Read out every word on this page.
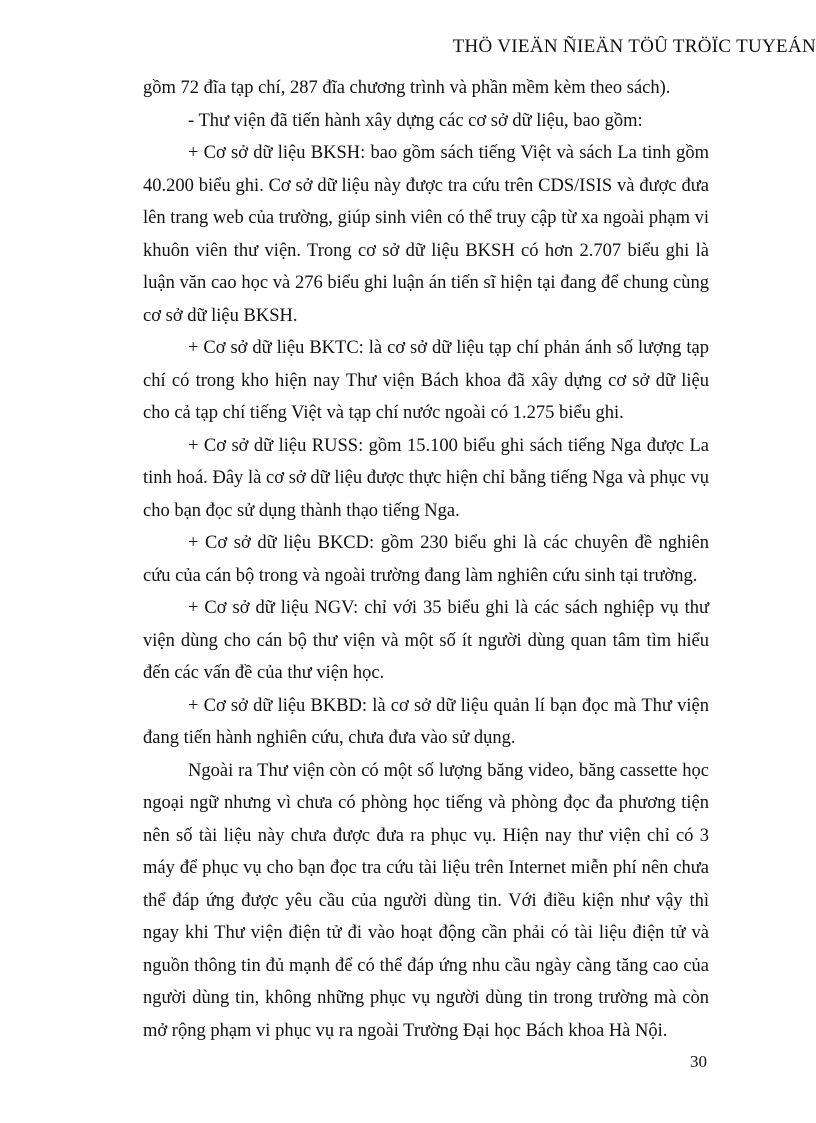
THÖ VIEÄN ÑIEÄN TÖÛ TRÖÏC TUYEÁN

gồm 72 đĩa tạp chí, 287 đĩa chương trình và phần mềm kèm theo sách).

- Thư viện đã tiến hành xây dựng các cơ sở dữ liệu, bao gồm:

+ Cơ sở dữ liệu BKSH: bao gồm sách tiếng Việt và sách La tinh gồm 40.200 biểu ghi. Cơ sở dữ liệu này được tra cứu trên CDS/ISIS và được đưa lên trang web của trường, giúp sinh viên có thể truy cập từ xa ngoài phạm vi khuôn viên thư viện. Trong cơ sở dữ liệu BKSH có hơn 2.707 biểu ghi là luận văn cao học và 276 biểu ghi luận án tiến sĩ hiện tại đang để chung cùng cơ sở dữ liệu BKSH.

+ Cơ sở dữ liệu BKTC: là cơ sở dữ liệu tạp chí phản ánh số lượng tạp chí có trong kho hiện nay Thư viện Bách khoa đã xây dựng cơ sở dữ liệu cho cả tạp chí tiếng Việt và tạp chí nước ngoài có 1.275 biểu ghi.

+ Cơ sở dữ liệu RUSS: gồm 15.100 biểu ghi sách tiếng Nga được La tinh hoá. Đây là cơ sở dữ liệu được thực hiện chỉ bằng tiếng Nga và phục vụ cho bạn đọc sử dụng thành thạo tiếng Nga.

+ Cơ sở dữ liệu BKCD: gồm 230 biểu ghi là các chuyên đề nghiên cứu của cán bộ trong và ngoài trường đang làm nghiên cứu sinh tại trường.

+ Cơ sở dữ liệu NGV: chỉ với 35 biểu ghi là các sách nghiệp vụ thư viện dùng cho cán bộ thư viện và một số ít người dùng quan tâm tìm hiểu đến các vấn đề của thư viện học.

+ Cơ sở dữ liệu BKBD: là cơ sở dữ liệu quản lí bạn đọc mà Thư viện đang tiến hành nghiên cứu, chưa đưa vào sử dụng.

Ngoài ra Thư viện còn có một số lượng băng video, băng cassette học ngoại ngữ nhưng vì chưa có phòng học tiếng và phòng đọc đa phương tiện nên số tài liệu này chưa được đưa ra phục vụ. Hiện nay thư viện chỉ có 3 máy để phục vụ cho bạn đọc tra cứu tài liệu trên Internet miễn phí nên chưa thể đáp ứng được yêu cầu của người dùng tin. Với điều kiện như vậy thì ngay khi Thư viện điện tử đi vào hoạt động cần phải có tài liệu điện tử và nguồn thông tin đủ mạnh để có thể đáp ứng nhu cầu ngày càng tăng cao của người dùng tin, không những phục vụ người dùng tin trong trường mà còn mở rộng phạm vi phục vụ ra ngoài Trường Đại học Bách khoa Hà Nội.

30
